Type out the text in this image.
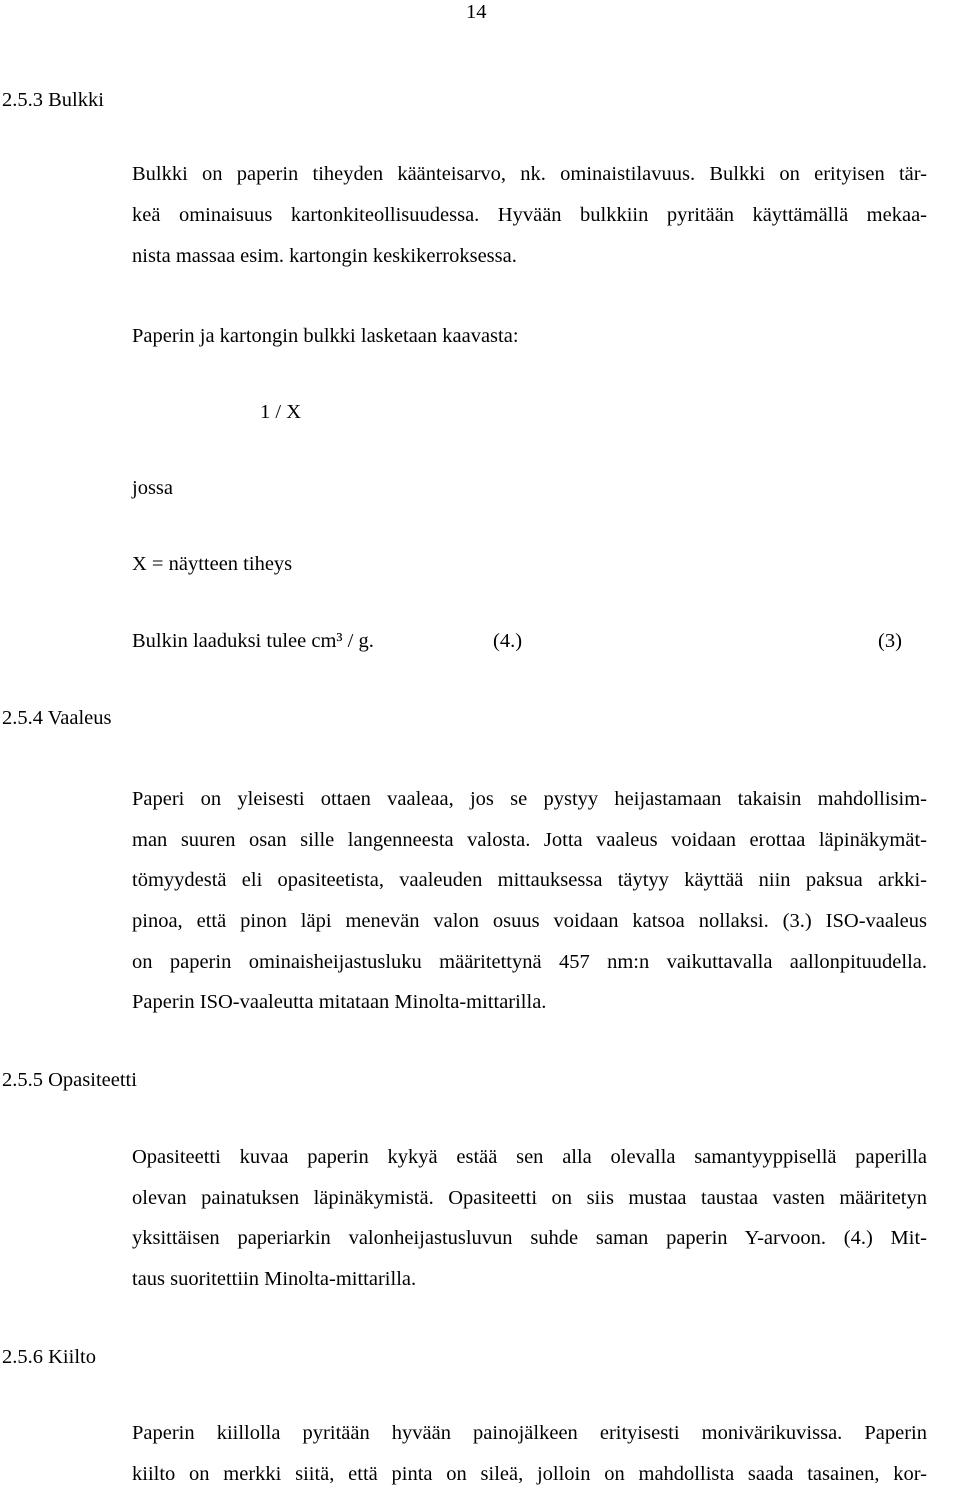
14
2.5.3 Bulkki
Bulkki on paperin tiheyden käänteisarvo, nk. ominaistilavuus. Bulkki on erityisen tär-
keä ominaisuus kartonkiteollisuudessa. Hyvään bulkkiin pyritään käyttämällä mekaa-
nista massaa esim. kartongin keskikerroksessa.
Paperin ja kartongin bulkki lasketaan kaavasta:
1 / X
jossa
X = näytteen tiheys
Bulkin laaduksi tulee cm³ / g.	(4.)	(3)
2.5.4 Vaaleus
Paperi on yleisesti ottaen vaaleaa, jos se pystyy heijastamaan takaisin mahdollisim-
man suuren osan sille langenneesta valosta. Jotta vaaleus voidaan erottaa läpinäkymät-
tömyydestä eli opasiteetista, vaaleuden mittauksessa täytyy käyttää niin paksua arkki-
pinoa, että pinon läpi menevän valon osuus voidaan katsoa nollaksi. (3.) ISO-vaaleus
on paperin ominaisheijastusluku määritettynä 457 nm:n vaikuttavalla aallonpituudella.
Paperin ISO-vaaleutta mitataan Minolta-mittarilla.
2.5.5 Opasiteetti
Opasiteetti kuvaa paperin kykyä estää sen alla olevalla samantyyppisellä paperilla
olevan painatuksen läpinäkymistä. Opasiteetti on siis mustaa taustaa vasten määritetyn
yksittäisen paperiarkin valonheijastusluvun suhde saman paperin Y-arvoon. (4.) Mit-
taus suoritettiin Minolta-mittarilla.
2.5.6 Kiilto
Paperin kiillolla pyritään hyvään painojälkeen erityisesti monivärikuvissa. Paperin
kiilto on merkki siitä, että pinta on sileä, jolloin on mahdollista saada tasainen, kor-
